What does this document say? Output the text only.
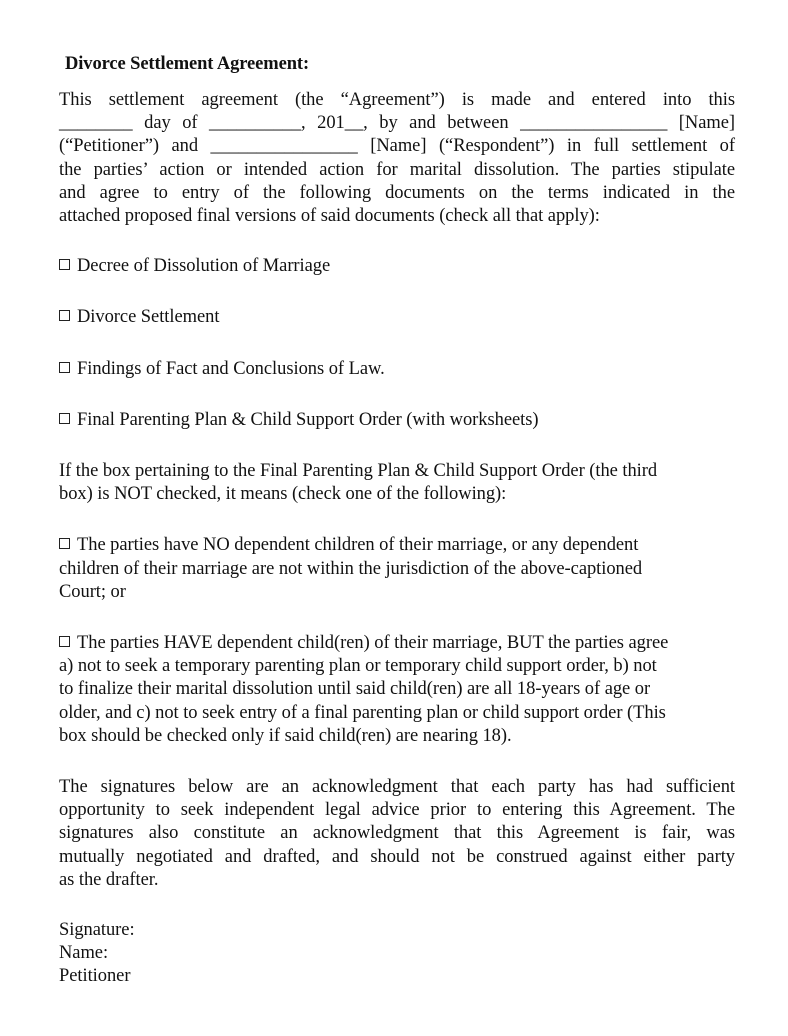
Divorce Settlement Agreement:

This settlement agreement (the “Agreement”) is made and entered into this
________ day of __________, 201__, by and between ________________ [Name]
(“Petitioner”) and ________________ [Name] (“Respondent”) in full settlement of
the parties’ action or intended action for marital dissolution. The parties stipulate
and agree to entry of the following documents on the terms indicated in the
attached proposed final versions of said documents (check all that apply):

Decree of Dissolution of Marriage

Divorce Settlement

Findings of Fact and Conclusions of Law.

Final Parenting Plan & Child Support Order (with worksheets)

If the box pertaining to the Final Parenting Plan & Child Support Order (the third
box) is NOT checked, it means (check one of the following):

The parties have NO dependent children of their marriage, or any dependent
children of their marriage are not within the jurisdiction of the above-captioned
Court; or

The parties HAVE dependent child(ren) of their marriage, BUT the parties agree
a) not to seek a temporary parenting plan or temporary child support order, b) not
to finalize their marital dissolution until said child(ren) are all 18-years of age or
older, and c) not to seek entry of a final parenting plan or child support order (This
box should be checked only if said child(ren) are nearing 18).

The signatures below are an acknowledgment that each party has had sufficient
opportunity to seek independent legal advice prior to entering this Agreement. The
signatures also constitute an acknowledgment that this Agreement is fair, was
mutually negotiated and drafted, and should not be construed against either party
as the drafter.

Signature:
Name:
Petitioner
